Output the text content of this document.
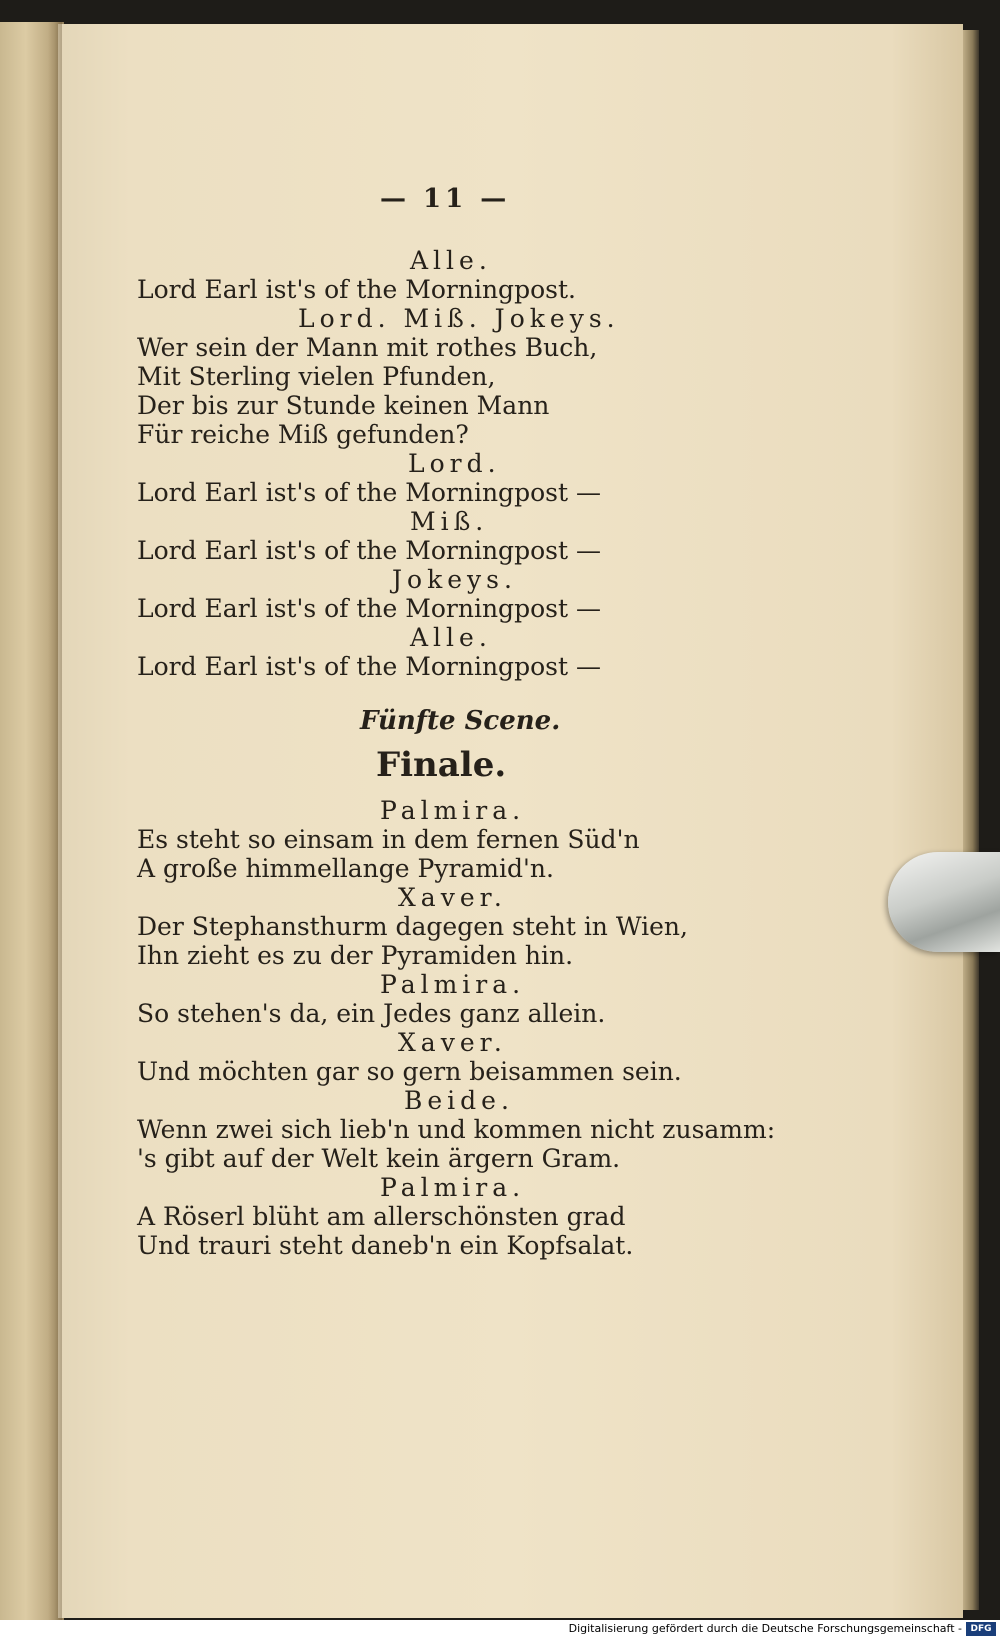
— 11 —
Alle.
Lord Earl ist's of the Morningpost.
Lord. Miß. Jokeys.
Wer sein der Mann mit rothes Buch,
Mit Sterling vielen Pfunden,
Der bis zur Stunde keinen Mann
Für reiche Miß gefunden?
Lord.
Lord Earl ist's of the Morningpost —
Miß.
Lord Earl ist's of the Morningpost —
Jokeys.
Lord Earl ist's of the Morningpost —
Alle.
Lord Earl ist's of the Morningpost —
Fünfte Scene.
Finale.
Palmira.
Es steht so einsam in dem fernen Süd'n
A große himmellange Pyramid'n.
Xaver.
Der Stephansthurm dagegen steht in Wien,
Ihn zieht es zu der Pyramiden hin.
Palmira.
So stehen's da, ein Jedes ganz allein.
Xaver.
Und möchten gar so gern beisammen sein.
Beide.
Wenn zwei sich lieb'n und kommen nicht zusamm:
's gibt auf der Welt kein ärgern Gram.
Palmira.
A Röserl blüht am allerschönsten grad
Und trauri steht daneb'n ein Kopfsalat.
Digitalisierung gefördert durch die Deutsche Forschungsgemeinschaft - DFG
